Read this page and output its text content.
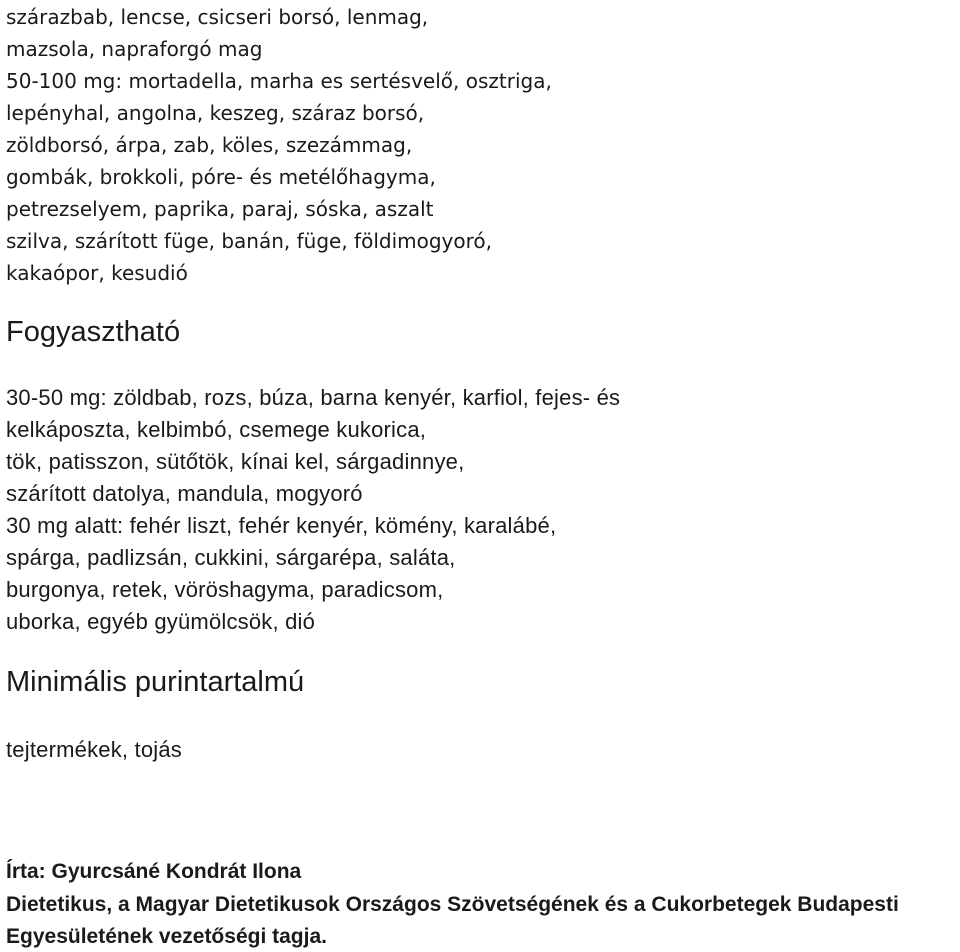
szárazbab, lencse, csicseri borsó, lenmag,
mazsola, napraforgó mag
50-100 mg: mortadella, marha es sertésvelő, osztriga,
lepényhal, angolna, keszeg, száraz borsó,
zöldborsó, árpa, zab, köles, szezámmag,
gombák, brokkoli, póre- és metélőhagyma,
petrezselyem, paprika, paraj, sóska, aszalt
szilva, szárított füge, banán, füge, földimogyoró,
kakaópor, kesudió
Fogyasztható
30-50 mg: zöldbab, rozs, búza, barna kenyér, karfiol, fejes- és
kelkáposzta, kelbimbó, csemege kukorica,
tök, patisszon, sütőtök, kínai kel, sárgadinnye,
szárított datolya, mandula, mogyoró
30 mg alatt: fehér liszt, fehér kenyér, kömény, karalábé,
spárga, padlizsán, cukkini, sárgarépa, saláta,
burgonya, retek, vöröshagyma, paradicsom,
uborka, egyéb gyümölcsök, dió
Minimális purintartalmú
tejtermékek, tojás
Írta: Gyurcsáné Kondrát Ilona
Dietetikus, a Magyar Dietetikusok Országos Szövetségének és a Cukorbetegek Budapesti
Egyesületének vezetőségi tagja.
